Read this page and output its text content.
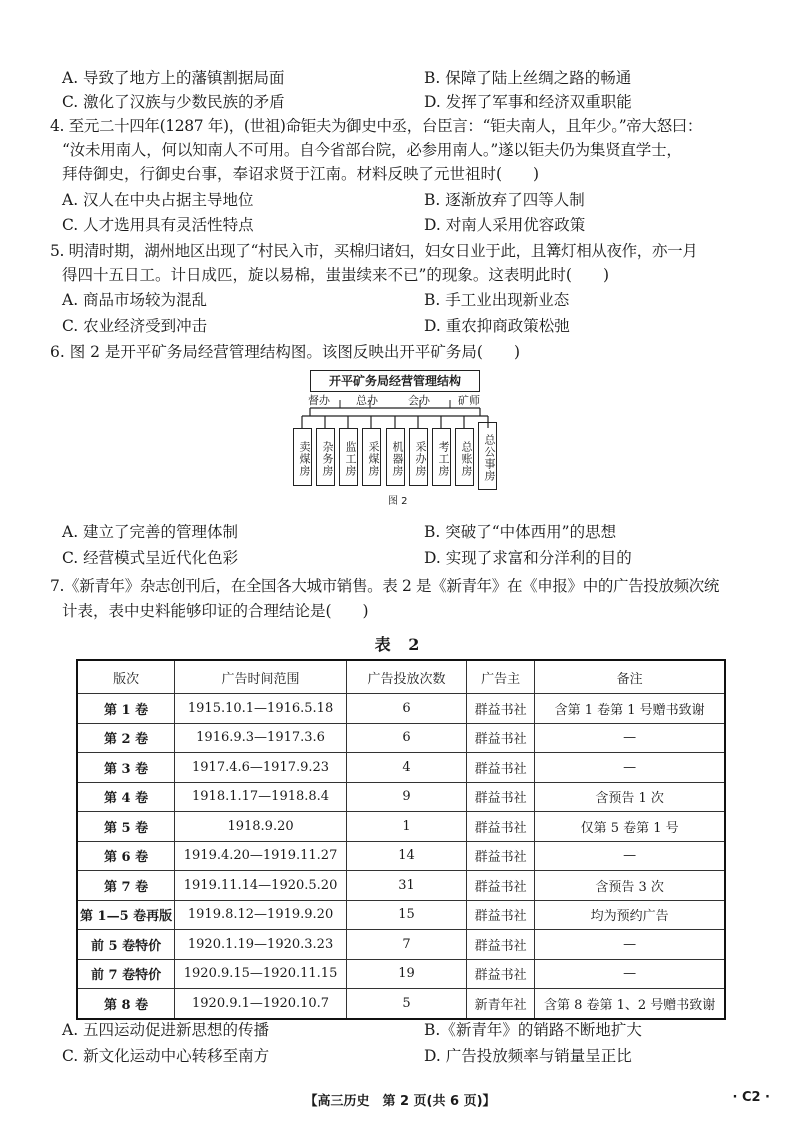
A. 导致了地方上的藩镇割据局面	B. 保障了陆上丝绸之路的畅通
C. 激化了汉族与少数民族的矛盾	D. 发挥了军事和经济双重职能
4. 至元二十四年(1287 年)，(世祖)命钜夫为御史中丞，台臣言：“钜夫南人，且年少。”帝大怒曰：
“汝未用南人，何以知南人不可用。自今省部台院，必参用南人。”遂以钜夫仍为集贤直学士，
拜侍御史，行御史台事，奉诏求贤于江南。材料反映了元世祖时(　　)
A. 汉人在中央占据主导地位	B. 逐渐放弃了四等人制
C. 人才选用具有灵活性特点	D. 对南人采用优容政策
5. 明清时期，湖州地区出现了“村民入市，买棉归诸妇，妇女日业于此，且篝灯相从夜作，亦一月
得四十五日工。计日成匹，旋以易棉，蚩蚩续来不已”的现象。这表明此时(　　)
A. 商品市场较为混乱	B. 手工业出现新业态
C. 农业经济受到冲击	D. 重农抑商政策松弛
6. 图 2 是开平矿务局经营管理结构图。该图反映出开平矿务局(　　)
开平矿务局经营管理结构
督办 总办	会办	矿师
卖煤房 杂务房 监工房 采煤房	机器房 采办房 考工房 总账房 总公事房
图 2
A. 建立了完善的管理体制	B. 突破了“中体西用”的思想
C. 经营模式呈近代化色彩	D. 实现了求富和分洋利的目的
7.《新青年》杂志创刊后，在全国各大城市销售。表 2 是《新青年》在《申报》中的广告投放频次统
计表，表中史料能够印证的合理结论是(　　)
表 2
版次	广告时间范围	广告投放次数	广告主	备注
第 1 卷	1915.10.1—1916.5.18	6	群益书社	含第 1 卷第 1 号赠书致谢
第 2 卷	1916.9.3—1917.3.6	6	群益书社	—
第 3 卷	1917.4.6—1917.9.23	4	群益书社	—
第 4 卷	1918.1.17—1918.8.4	9	群益书社	含预告 1 次
第 5 卷	1918.9.20	1	群益书社	仅第 5 卷第 1 号
第 6 卷	1919.4.20—1919.11.27	14	群益书社	—
第 7 卷	1919.11.14—1920.5.20	31	群益书社	含预告 3 次
第 1—5 卷再版	1919.8.12—1919.9.20	15	群益书社	均为预约广告
前 5 卷特价	1920.1.19—1920.3.23	7	群益书社	—
前 7 卷特价	1920.9.15—1920.11.15	19	群益书社	—
第 8 卷	1920.9.1—1920.10.7	5	新青年社	含第 8 卷第 1、2 号赠书致谢
A. 五四运动促进新思想的传播	B.《新青年》的销路不断地扩大
C. 新文化运动中心转移至南方	D. 广告投放频率与销量呈正比
【高三历史　第 2 页(共 6 页)】	· C2 ·
